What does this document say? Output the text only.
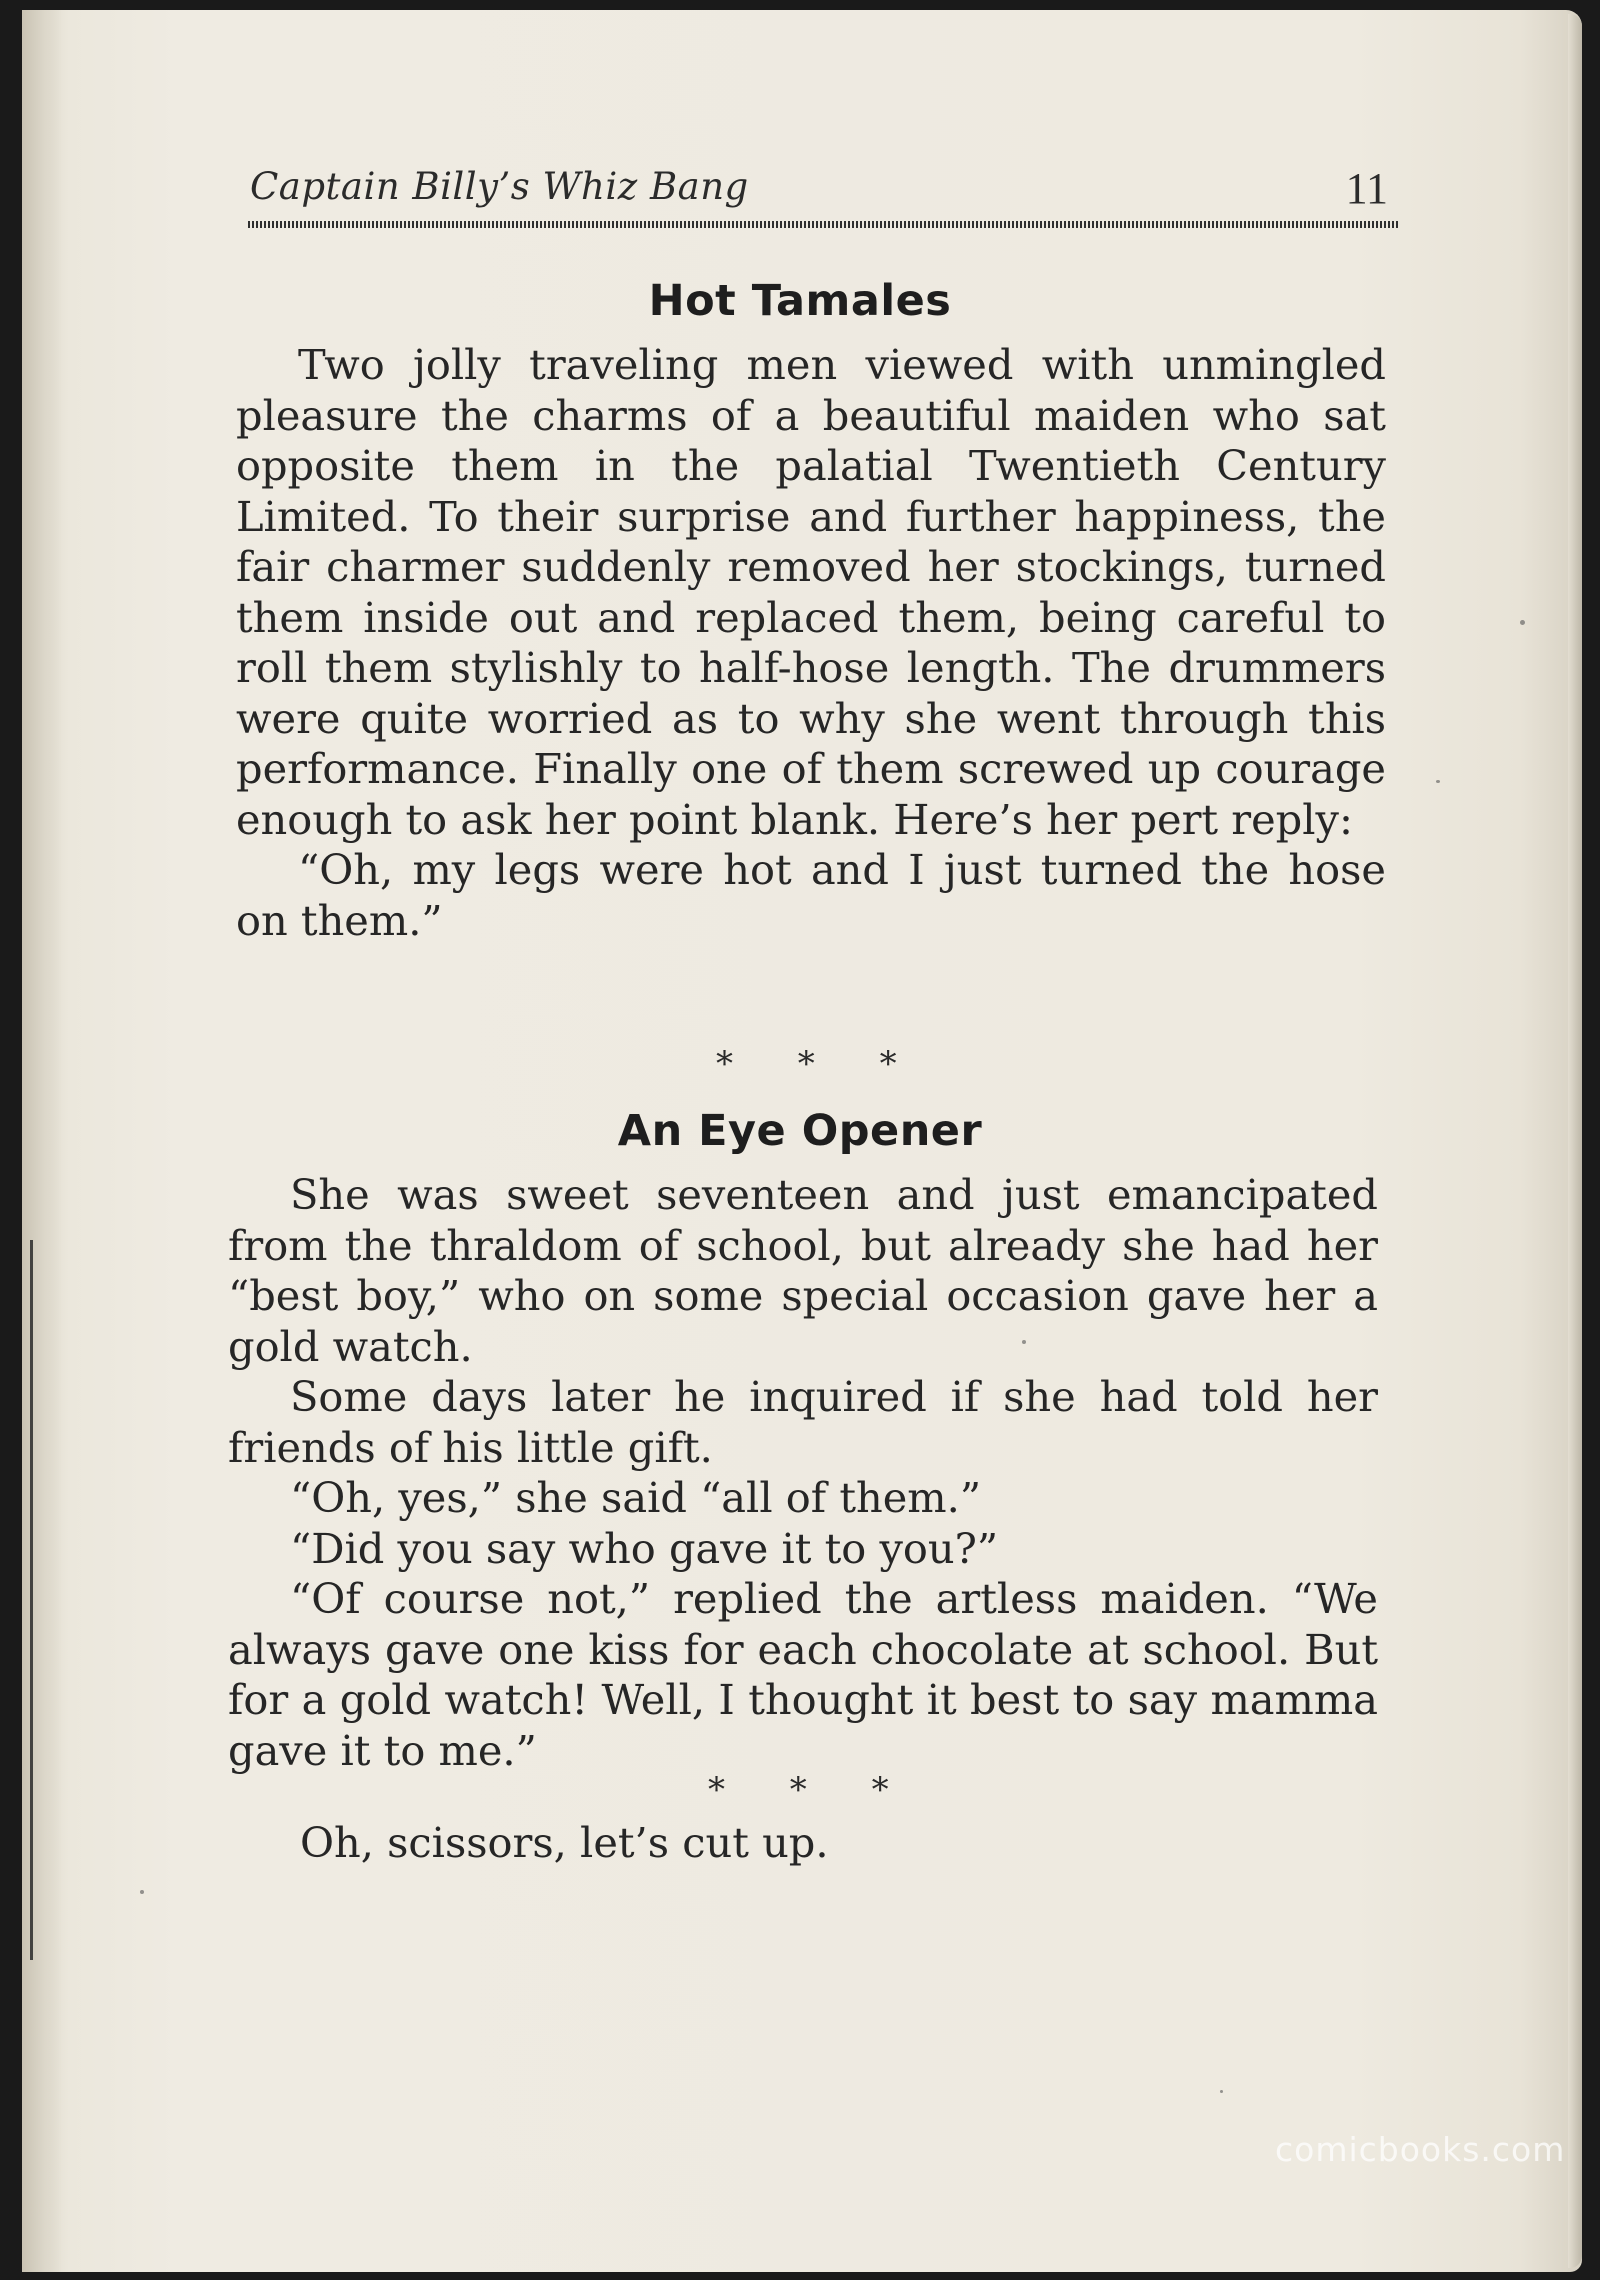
Captain Billy’s Whiz Bang	11
Hot Tamales

Two jolly traveling men viewed with unmingled pleasure the charms of a beautiful maiden who sat opposite them in the palatial Twentieth Century Limited. To their surprise and further happiness, the fair charmer suddenly removed her stockings, turned them inside out and replaced them, being careful to roll them stylishly to half-hose length. The drummers were quite worried as to why she went through this performance. Finally one of them screwed up courage enough to ask her point blank. Here’s her pert reply:

“Oh, my legs were hot and I just turned the hose on them.”

* * *
An Eye Opener

She was sweet seventeen and just emancipated from the thraldom of school, but already she had her “best boy,” who on some special occasion gave her a gold watch.

Some days later he inquired if she had told her friends of his little gift.

“Oh, yes,” she said “all of them.”

“Did you say who gave it to you?”

“Of course not,” replied the artless maiden. “We always gave one kiss for each chocolate at school. But for a gold watch! Well, I thought it best to say mamma gave it to me.”

* * *
Oh, scissors, let’s cut up.
comicbooks.com
